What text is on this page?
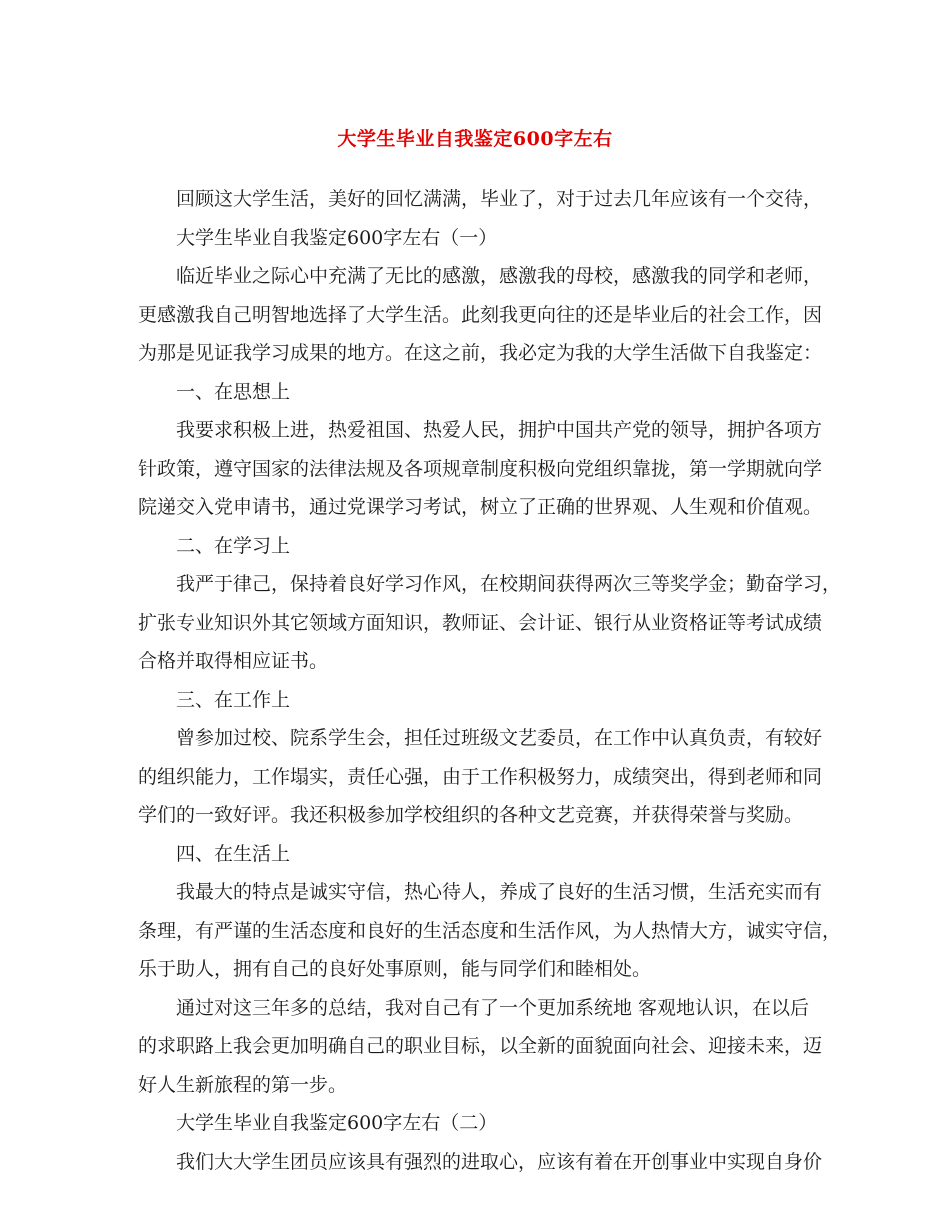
大学生毕业自我鉴定600字左右
回顾这大学生活，美好的回忆满满，毕业了，对于过去几年应该有一个交待，
大学生毕业自我鉴定600字左右（一）
临近毕业之际心中充满了无比的感激，感激我的母校，感激我的同学和老师，
更感激我自己明智地选择了大学生活。此刻我更向往的还是毕业后的社会工作，因
为那是见证我学习成果的地方。在这之前，我必定为我的大学生活做下自我鉴定：
一、在思想上
我要求积极上进，热爱祖国、热爱人民，拥护中国共产党的领导，拥护各项方
针政策，遵守国家的法律法规及各项规章制度积极向党组织靠拢，第一学期就向学
院递交入党申请书，通过党课学习考试，树立了正确的世界观、人生观和价值观。
二、在学习上
我严于律己，保持着良好学习作风，在校期间获得两次三等奖学金；勤奋学习，
扩张专业知识外其它领域方面知识，教师证、会计证、银行从业资格证等考试成绩
合格并取得相应证书。
三、在工作上
曾参加过校、院系学生会，担任过班级文艺委员，在工作中认真负责，有较好
的组织能力，工作塌实，责任心强，由于工作积极努力，成绩突出，得到老师和同
学们的一致好评。我还积极参加学校组织的各种文艺竞赛，并获得荣誉与奖励。
四、在生活上
我最大的特点是诚实守信，热心待人，养成了良好的生活习惯，生活充实而有
条理，有严谨的生活态度和良好的生活态度和生活作风，为人热情大方，诚实守信，
乐于助人，拥有自己的良好处事原则，能与同学们和睦相处。
通过对这三年多的总结，我对自己有了一个更加系统地 客观地认识，在以后
的求职路上我会更加明确自己的职业目标，以全新的面貌面向社会、迎接未来，迈
好人生新旅程的第一步。
大学生毕业自我鉴定600字左右（二）
我们大大学生团员应该具有强烈的进取心，应该有着在开创事业中实现自身价
